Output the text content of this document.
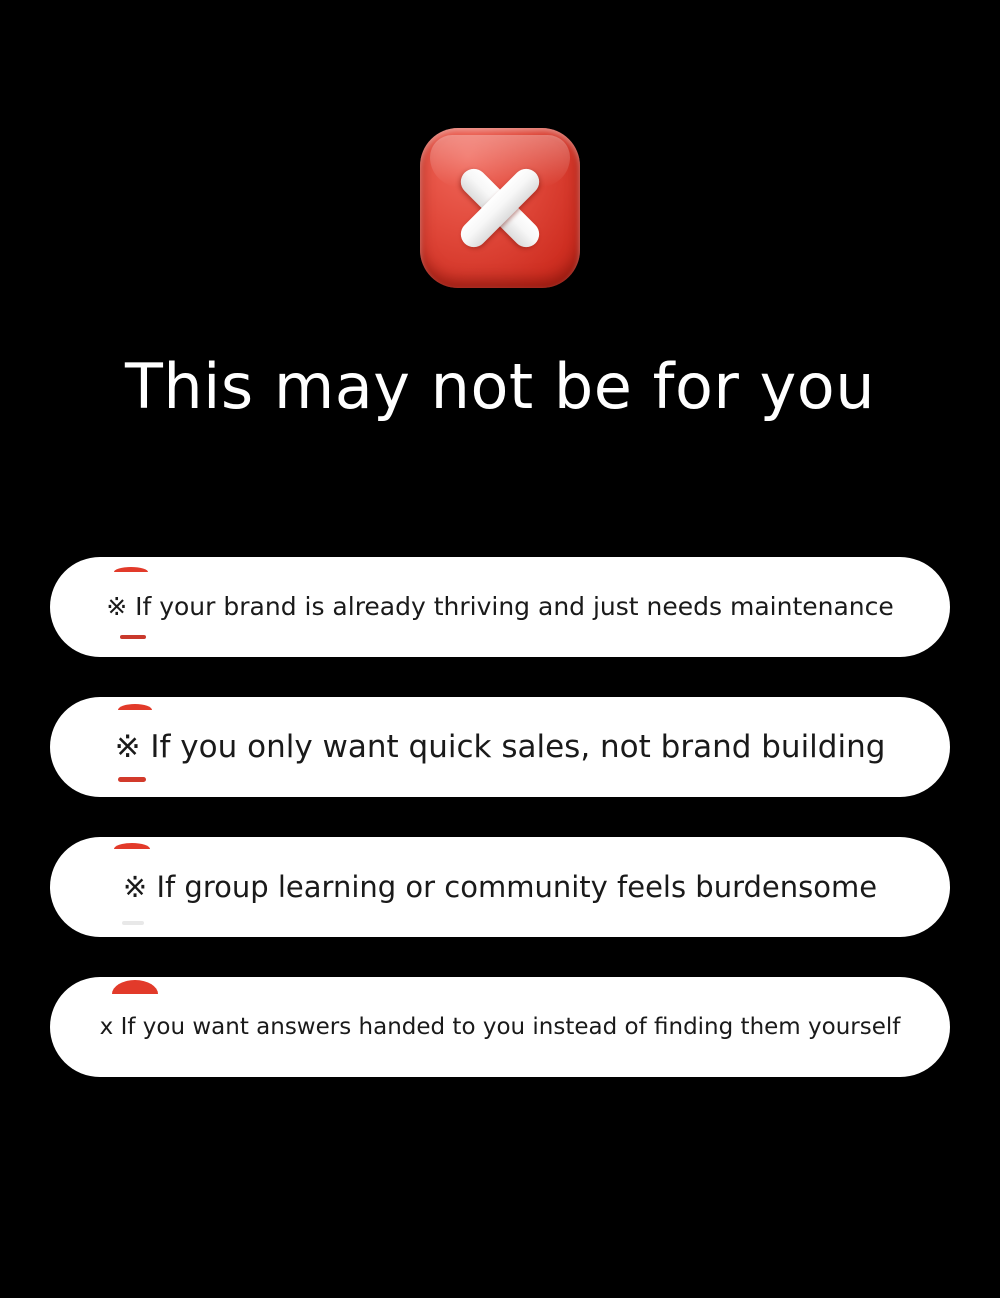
This may not be for you
※ If your brand is already thriving and just needs maintenance
※ If you only want quick sales, not brand building
※ If group learning or community feels burdensome
x If you want answers handed to you instead of finding them yourself
